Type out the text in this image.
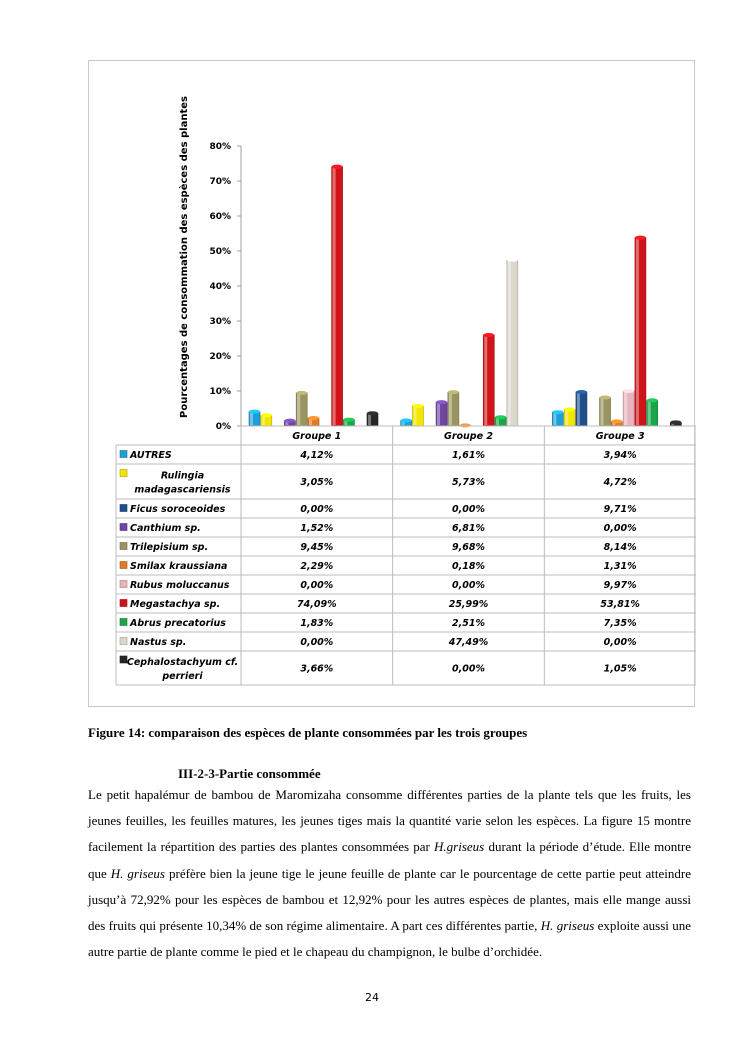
0%
10%
20%
30%
40%
50%
60%
70%
80%
Pourcentages de consommation des espèces des plantes
Groupe 1	Groupe 2	Groupe 3
AUTRES	4,12%	1,61%	3,94%
Rulingia
madagascariensis
3,05%	5,73%	4,72%
Ficus soroceoides	0,00%	0,00%	9,71%
Canthium sp.	1,52%	6,81%	0,00%
Trilepisium sp.	9,45%	9,68%	8,14%
Smilax kraussiana	2,29%	0,18%	1,31%
Rubus moluccanus	0,00%	0,00%	9,97%
Megastachya sp.	74,09%	25,99%	53,81%
Abrus precatorius	1,83%	2,51%	7,35%
Nastus sp.	0,00%	47,49%	0,00%
Cephalostachyum cf.
perrieri
3,66%	0,00%	1,05%
Figure 14: comparaison des espèces de plante consommées par les trois groupes
III-2-3-Partie consommée
Le petit hapalémur de bambou de Maromizaha consomme différentes parties de la plante tels que les fruits, les jeunes feuilles, les feuilles matures, les jeunes tiges mais la quantité varie selon les espèces. La figure 15 montre facilement la répartition des parties des plantes consommées par H.griseus durant la période d’étude. Elle montre que H. griseus préfère bien la jeune tige le jeune feuille de plante car le pourcentage de cette partie peut atteindre jusqu’à 72,92% pour les espèces de bambou et 12,92% pour les autres espèces de plantes, mais elle mange aussi des fruits qui présente 10,34% de son régime alimentaire. A part ces différentes partie, H. griseus exploite aussi une autre partie de plante comme le pied et le chapeau du champignon, le bulbe d’orchidée.
24
